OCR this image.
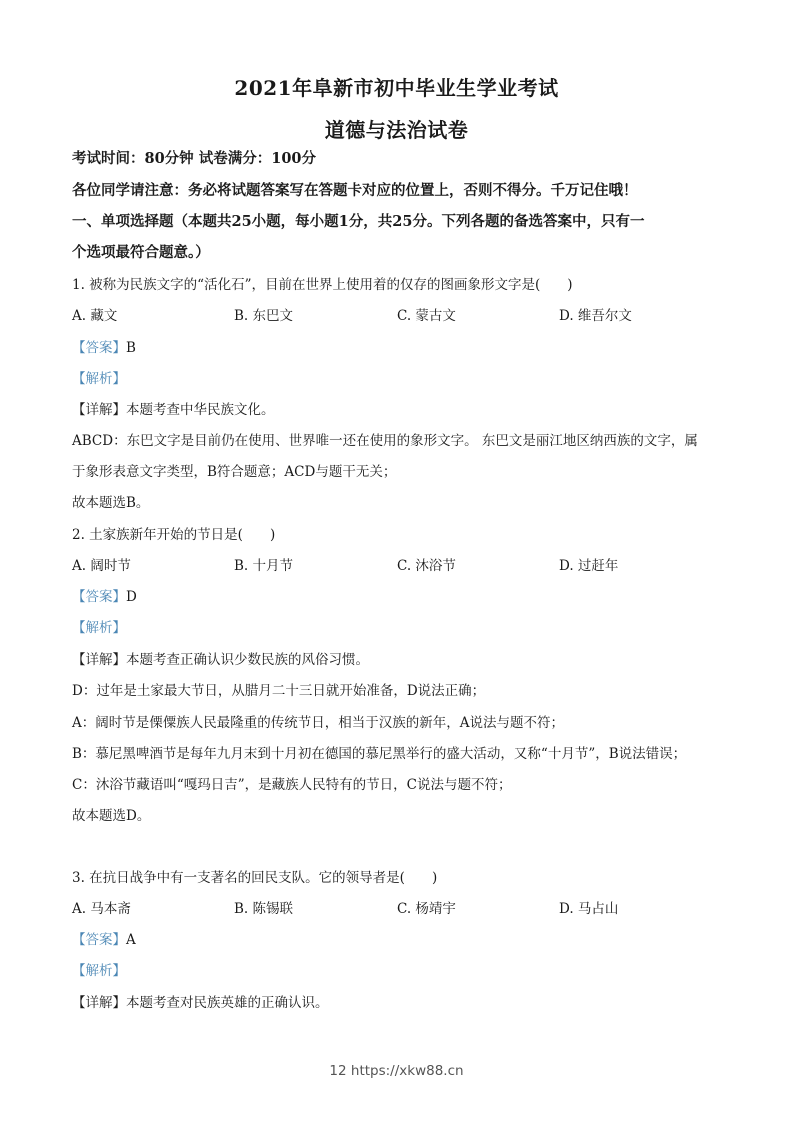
2021年阜新市初中毕业生学业考试
道德与法治试卷
考试时间：80分钟 试卷满分：100分
各位同学请注意：务必将试题答案写在答题卡对应的位置上，否则不得分。千万记住哦！
一、单项选择题（本题共25小题，每小题1分，共25分。下列各题的备选答案中，只有一
个选项最符合题意。）
1. 被称为民族文字的“活化石”，目前在世界上使用着的仅存的图画象形文字是(　　)
A. 藏文	B. 东巴文	C. 蒙古文	D. 维吾尔文
【答案】B
【解析】
【详解】本题考查中华民族文化。
ABCD：东巴文字是目前仍在使用、世界唯一还在使用的象形文字。 东巴文是丽江地区纳西族的文字，属
于象形表意文字类型，B符合题意；ACD与题干无关；
故本题选B。
2. 土家族新年开始的节日是(　　)
A. 阔时节	B. 十月节	C. 沐浴节	D. 过赶年
【答案】D
【解析】
【详解】本题考查正确认识少数民族的风俗习惯。
D：过年是土家最大节日，从腊月二十三日就开始准备，D说法正确；
A：阔时节是傈僳族人民最隆重的传统节日，相当于汉族的新年，A说法与题不符；
B：慕尼黑啤酒节是每年九月末到十月初在德国的慕尼黑举行的盛大活动，又称“十月节”，B说法错误；
C：沐浴节藏语叫“嘎玛日吉”，是藏族人民特有的节日，C说法与题不符；
故本题选D。
3. 在抗日战争中有一支著名的回民支队。它的领导者是(　　)
A. 马本斋	B. 陈锡联	C. 杨靖宇	D. 马占山
【答案】A
【解析】
【详解】本题考查对民族英雄的正确认识。
12 https://xkw88.cn
